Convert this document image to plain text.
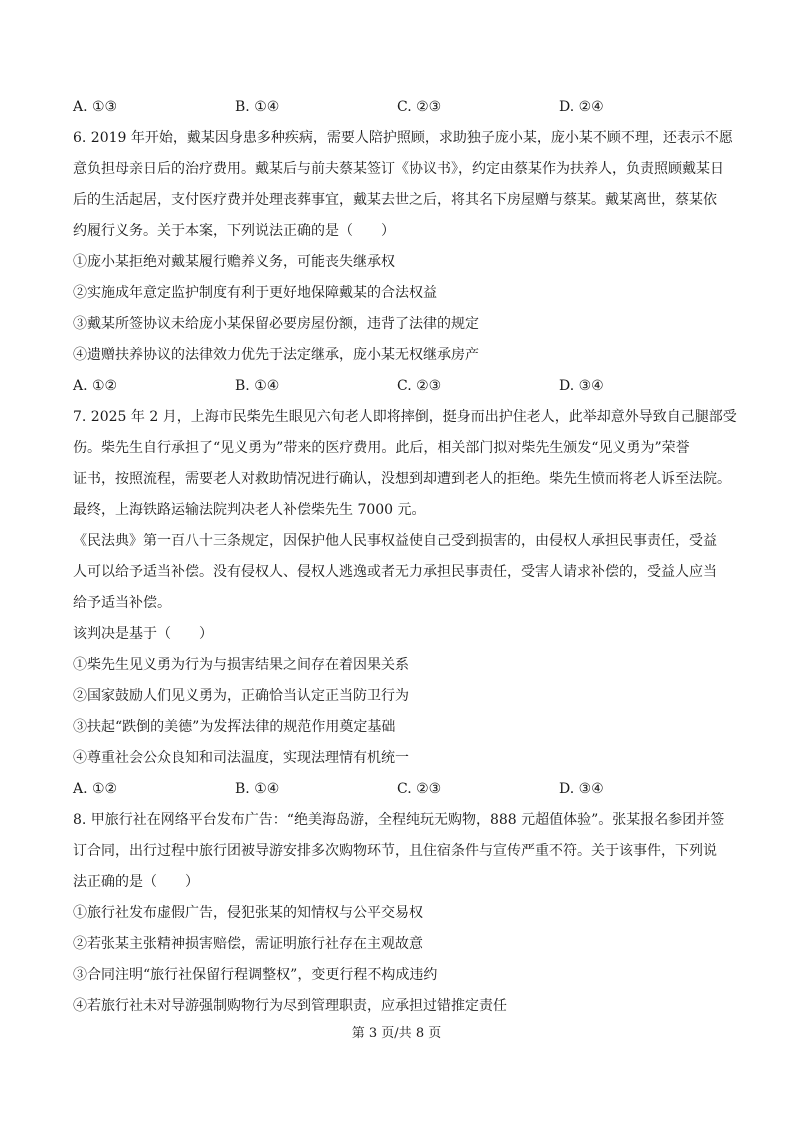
A. ①③	B. ①④	C. ②③	D. ②④
6. 2019 年开始，戴某因身患多种疾病，需要人陪护照顾，求助独子庞小某，庞小某不顾不理，还表示不愿
意负担母亲日后的治疗费用。戴某后与前夫蔡某签订《协议书》，约定由蔡某作为扶养人，负责照顾戴某日
后的生活起居，支付医疗费并处理丧葬事宜，戴某去世之后，将其名下房屋赠与蔡某。戴某离世，蔡某依
约履行义务。关于本案，下列说法正确的是（　　）
①庞小某拒绝对戴某履行赡养义务，可能丧失继承权
②实施成年意定监护制度有利于更好地保障戴某的合法权益
③戴某所签协议未给庞小某保留必要房屋份额，违背了法律的规定
④遗赠扶养协议的法律效力优先于法定继承，庞小某无权继承房产
A. ①②	B. ①④	C. ②③	D. ③④
7. 2025 年 2 月，上海市民柴先生眼见六旬老人即将摔倒，挺身而出护住老人，此举却意外导致自己腿部受
伤。柴先生自行承担了“见义勇为”带来的医疗费用。此后，相关部门拟对柴先生颁发“见义勇为”荣誉
证书，按照流程，需要老人对救助情况进行确认，没想到却遭到老人的拒绝。柴先生愤而将老人诉至法院。
最终，上海铁路运输法院判决老人补偿柴先生 7000 元。
《民法典》第一百八十三条规定，因保护他人民事权益使自己受到损害的，由侵权人承担民事责任，受益
人可以给予适当补偿。没有侵权人、侵权人逃逸或者无力承担民事责任，受害人请求补偿的，受益人应当
给予适当补偿。
该判决是基于（　　）
①柴先生见义勇为行为与损害结果之间存在着因果关系
②国家鼓励人们见义勇为，正确恰当认定正当防卫行为
③扶起“跌倒的美德”为发挥法律的规范作用奠定基础
④尊重社会公众良知和司法温度，实现法理情有机统一
A. ①②	B. ①④	C. ②③	D. ③④
8. 甲旅行社在网络平台发布广告：“绝美海岛游，全程纯玩无购物，888 元超值体验”。张某报名参团并签
订合同，出行过程中旅行团被导游安排多次购物环节，且住宿条件与宣传严重不符。关于该事件，下列说
法正确的是（　　）
①旅行社发布虚假广告，侵犯张某的知情权与公平交易权
②若张某主张精神损害赔偿，需证明旅行社存在主观故意
③合同注明“旅行社保留行程调整权”，变更行程不构成违约
④若旅行社未对导游强制购物行为尽到管理职责，应承担过错推定责任
第 3 页/共 8 页
